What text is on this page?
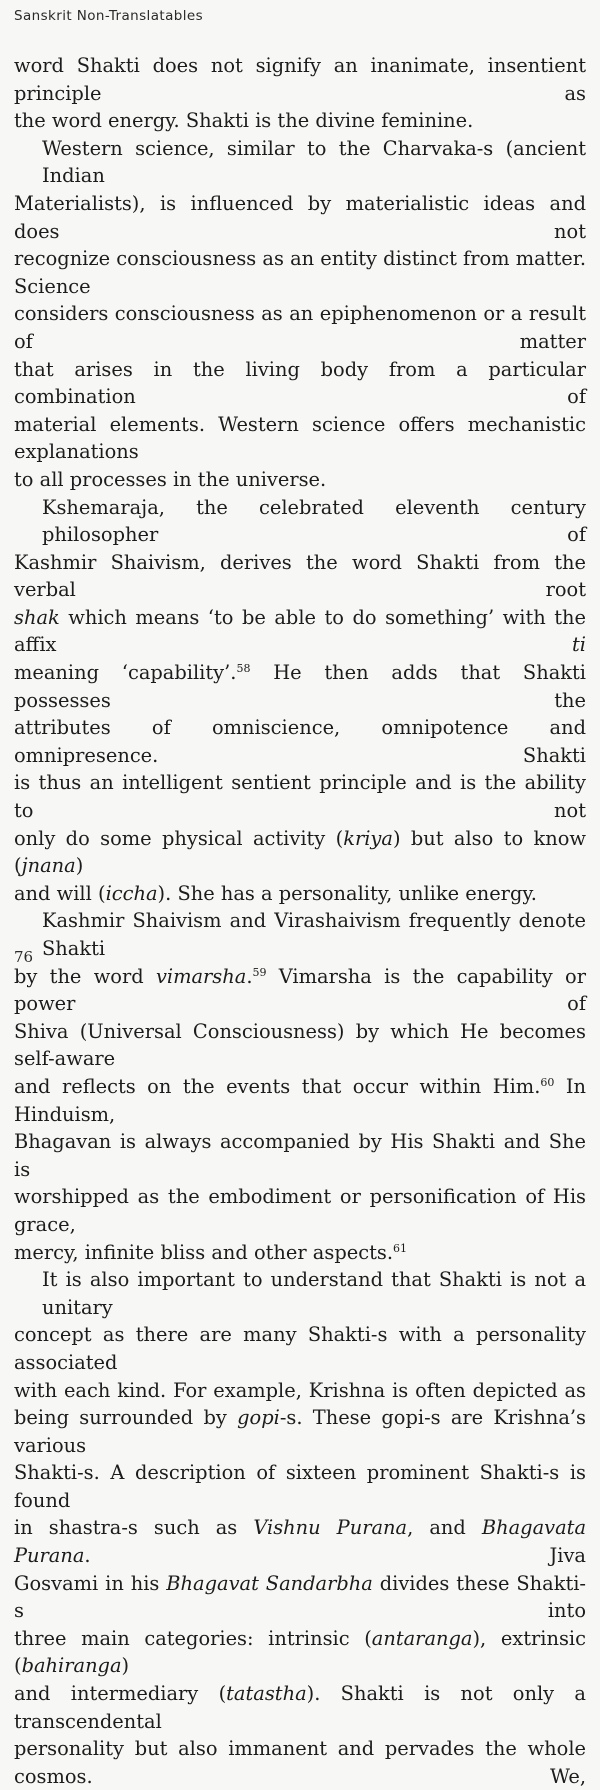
Sanskrit Non-Translatables
word Shakti does not signify an inanimate, insentient principle as
the word energy. Shakti is the divine feminine.
Western science, similar to the Charvaka-s (ancient Indian
Materialists), is influenced by materialistic ideas and does not
recognize consciousness as an entity distinct from matter. Science
considers consciousness as an epiphenomenon or a result of matter
that arises in the living body from a particular combination of
material elements. Western science offers mechanistic explanations
to all processes in the universe.
Kshemaraja, the celebrated eleventh century philosopher of
Kashmir Shaivism, derives the word Shakti from the verbal root
shak which means ‘to be able to do something’ with the affix ti
meaning ‘capability’.$^{58}$ He then adds that Shakti possesses the
attributes of omniscience, omnipotence and omnipresence. Shakti
is thus an intelligent sentient principle and is the ability to not
only do some physical activity (kriya) but also to know (jnana)
and will (iccha). She has a personality, unlike energy.
Kashmir Shaivism and Virashaivism frequently denote Shakti
by the word vimarsha.$^{59}$ Vimarsha is the capability or power of
Shiva (Universal Consciousness) by which He becomes self-aware
and reflects on the events that occur within Him.$^{60}$ In Hinduism,
Bhagavan is always accompanied by His Shakti and She is
worshipped as the embodiment or personification of His grace,
mercy, infinite bliss and other aspects.$^{61}$
It is also important to understand that Shakti is not a unitary
concept as there are many Shakti-s with a personality associated
with each kind. For example, Krishna is often depicted as
being surrounded by gopi-s. These gopi-s are Krishna’s various
Shakti-s. A description of sixteen prominent Shakti-s is found
in shastra-s such as Vishnu Purana, and Bhagavata Purana. Jiva
Gosvami in his Bhagavat Sandarbha divides these Shakti-s into
three main categories: intrinsic (antaranga), extrinsic (bahiranga)
and intermediary (tatastha). Shakti is not only a transcendental
personality but also immanent and pervades the whole cosmos. We,
76
